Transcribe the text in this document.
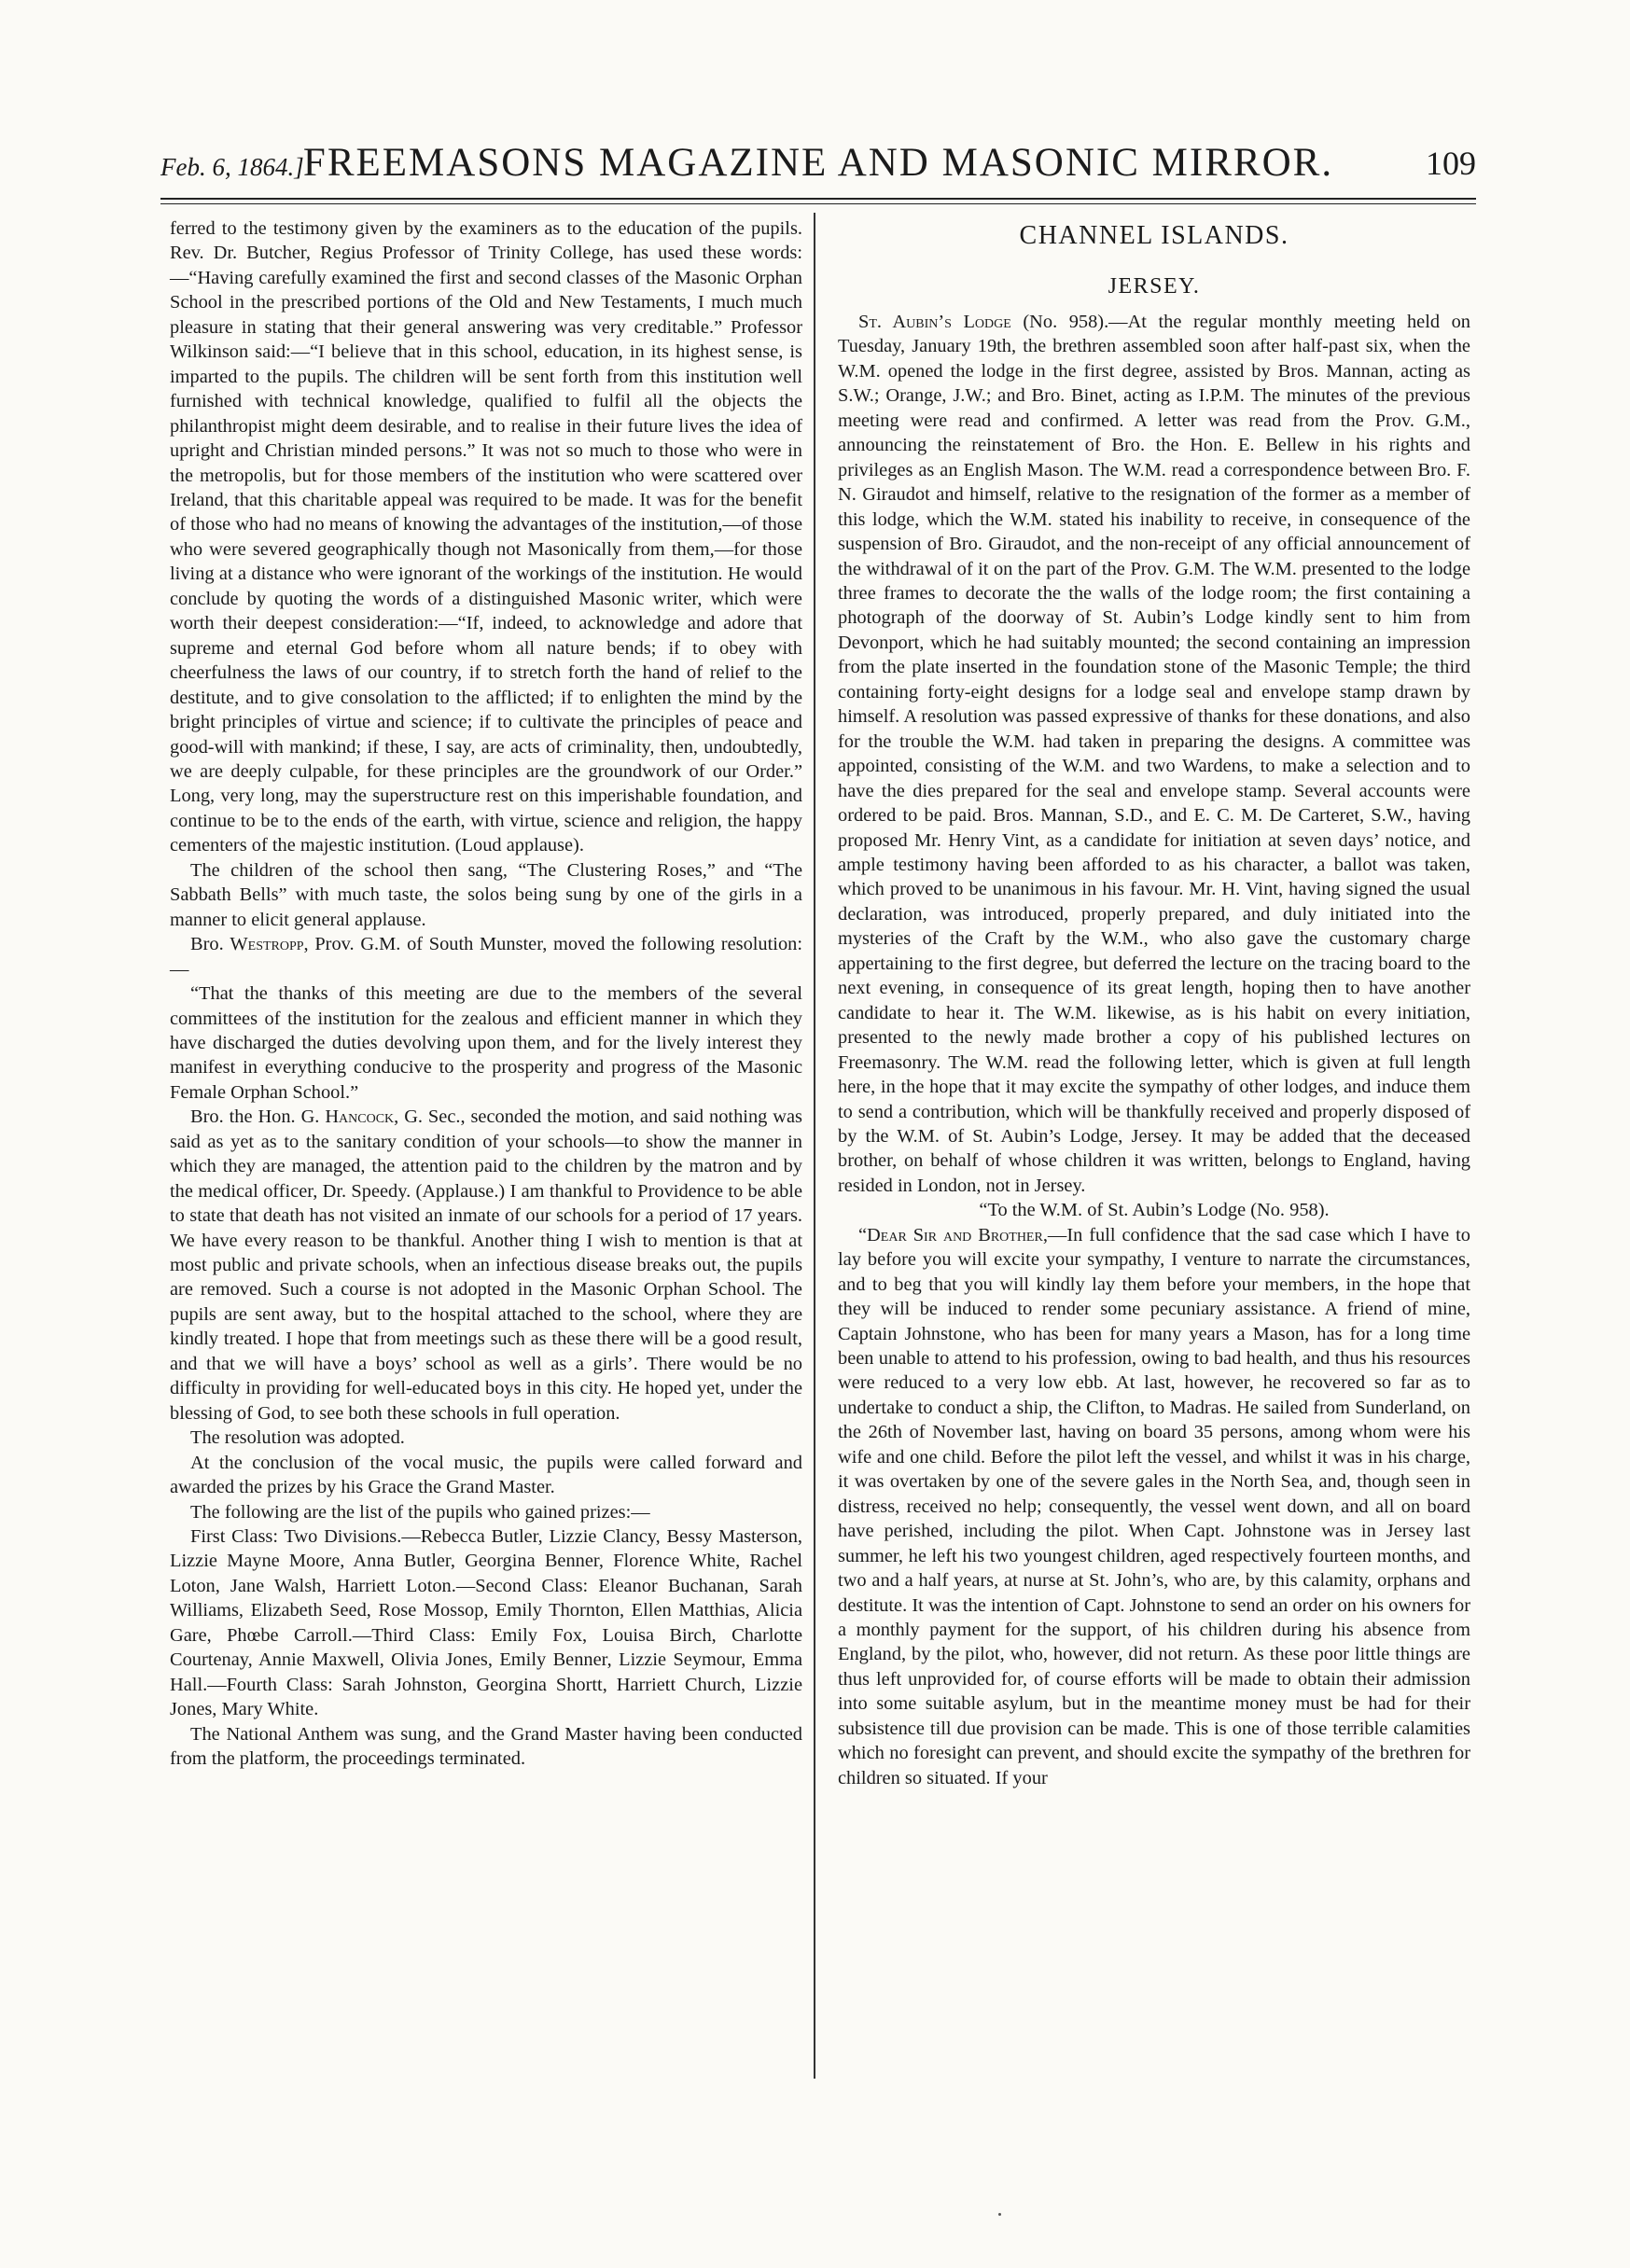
Feb. 6, 1864.] FREEMASONS MAGAZINE AND MASONIC MIRROR.	109

ferred to the testimony given by the examiners as to the education of the pupils. Rev. Dr. Butcher, Regius Professor of Trinity College, has used these words:—“Having carefully examined the first and second classes of the Masonic Orphan School in the prescribed portions of the Old and New Testaments, I much much pleasure in stating that their general answering was very creditable.” Professor Wilkinson said:—“I believe that in this school, education, in its highest sense, is imparted to the pupils. The children will be sent forth from this institution well furnished with technical knowledge, qualified to fulfil all the objects the philanthropist might deem desirable, and to realise in their future lives the idea of upright and Christian minded persons.” It was not so much to those who were in the metropolis, but for those members of the institution who were scattered over Ireland, that this charitable appeal was required to be made. It was for the benefit of those who had no means of knowing the advantages of the institution,—of those who were severed geographically though not Masonically from them,—for those living at a distance who were ignorant of the workings of the institution. He would conclude by quoting the words of a distinguished Masonic writer, which were worth their deepest consideration:—“If, indeed, to acknowledge and adore that supreme and eternal God before whom all nature bends; if to obey with cheerfulness the laws of our country, if to stretch forth the hand of relief to the destitute, and to give consolation to the afflicted; if to enlighten the mind by the bright principles of virtue and science; if to cultivate the principles of peace and good-will with mankind; if these, I say, are acts of criminality, then, undoubtedly, we are deeply culpable, for these principles are the groundwork of our Order.” Long, very long, may the superstructure rest on this imperishable foundation, and continue to be to the ends of the earth, with virtue, science and religion, the happy cementers of the majestic institution. (Loud applause).

The children of the school then sang, “The Clustering Roses,” and “The Sabbath Bells” with much taste, the solos being sung by one of the girls in a manner to elicit general applause.

Bro. Westropp, Prov. G.M. of South Munster, moved the following resolution:—

“That the thanks of this meeting are due to the members of the several committees of the institution for the zealous and efficient manner in which they have discharged the duties devolving upon them, and for the lively interest they manifest in everything conducive to the prosperity and progress of the Masonic Female Orphan School.”

Bro. the Hon. G. Hancock, G. Sec., seconded the motion, and said nothing was said as yet as to the sanitary condition of your schools—to show the manner in which they are managed, the attention paid to the children by the matron and by the medical officer, Dr. Speedy. (Applause.) I am thankful to Providence to be able to state that death has not visited an inmate of our schools for a period of 17 years. We have every reason to be thankful. Another thing I wish to mention is that at most public and private schools, when an infectious disease breaks out, the pupils are removed. Such a course is not adopted in the Masonic Orphan School. The pupils are sent away, but to the hospital attached to the school, where they are kindly treated. I hope that from meetings such as these there will be a good result, and that we will have a boys’ school as well as a girls’. There would be no difficulty in providing for well-educated boys in this city. He hoped yet, under the blessing of God, to see both these schools in full operation.

The resolution was adopted.

At the conclusion of the vocal music, the pupils were called forward and awarded the prizes by his Grace the Grand Master.

The following are the list of the pupils who gained prizes:—

First Class: Two Divisions.—Rebecca Butler, Lizzie Clancy, Bessy Masterson, Lizzie Mayne Moore, Anna Butler, Georgina Benner, Florence White, Rachel Loton, Jane Walsh, Harriett Loton.—Second Class: Eleanor Buchanan, Sarah Williams, Elizabeth Seed, Rose Mossop, Emily Thornton, Ellen Matthias, Alicia Gare, Phœbe Carroll.—Third Class: Emily Fox, Louisa Birch, Charlotte Courtenay, Annie Maxwell, Olivia Jones, Emily Benner, Lizzie Seymour, Emma Hall.—Fourth Class: Sarah Johnston, Georgina Shortt, Harriett Church, Lizzie Jones, Mary White.

The National Anthem was sung, and the Grand Master having been conducted from the platform, the proceedings terminated.

CHANNEL ISLANDS.
JERSEY.

St. Aubin’s Lodge (No. 958).—At the regular monthly meeting held on Tuesday, January 19th, the brethren assembled soon after half-past six, when the W.M. opened the lodge in the first degree, assisted by Bros. Mannan, acting as S.W.; Orange, J.W.; and Bro. Binet, acting as I.P.M. The minutes of the previous meeting were read and confirmed. A letter was read from the Prov. G.M., announcing the reinstatement of Bro. the Hon. E. Bellew in his rights and privileges as an English Mason. The W.M. read a correspondence between Bro. F. N. Giraudot and himself, relative to the resignation of the former as a member of this lodge, which the W.M. stated his inability to receive, in consequence of the suspension of Bro. Giraudot, and the non-receipt of any official announcement of the withdrawal of it on the part of the Prov. G.M. The W.M. presented to the lodge three frames to decorate the the walls of the lodge room; the first containing a photograph of the doorway of St. Aubin’s Lodge kindly sent to him from Devonport, which he had suitably mounted; the second containing an impression from the plate inserted in the foundation stone of the Masonic Temple; the third containing forty-eight designs for a lodge seal and envelope stamp drawn by himself. A resolution was passed expressive of thanks for these donations, and also for the trouble the W.M. had taken in preparing the designs. A committee was appointed, consisting of the W.M. and two Wardens, to make a selection and to have the dies prepared for the seal and envelope stamp. Several accounts were ordered to be paid. Bros. Mannan, S.D., and E. C. M. De Carteret, S.W., having proposed Mr. Henry Vint, as a candidate for initiation at seven days’ notice, and ample testimony having been afforded to as his character, a ballot was taken, which proved to be unanimous in his favour. Mr. H. Vint, having signed the usual declaration, was introduced, properly prepared, and duly initiated into the mysteries of the Craft by the W.M., who also gave the customary charge appertaining to the first degree, but deferred the lecture on the tracing board to the next evening, in consequence of its great length, hoping then to have another candidate to hear it. The W.M. likewise, as is his habit on every initiation, presented to the newly made brother a copy of his published lectures on Freemasonry. The W.M. read the following letter, which is given at full length here, in the hope that it may excite the sympathy of other lodges, and induce them to send a contribution, which will be thankfully received and properly disposed of by the W.M. of St. Aubin’s Lodge, Jersey. It may be added that the deceased brother, on behalf of whose children it was written, belongs to England, having resided in London, not in Jersey.

“To the W.M. of St. Aubin’s Lodge (No. 958).

“Dear Sir and Brother,—In full confidence that the sad case which I have to lay before you will excite your sympathy, I venture to narrate the circumstances, and to beg that you will kindly lay them before your members, in the hope that they will be induced to render some pecuniary assistance. A friend of mine, Captain Johnstone, who has been for many years a Mason, has for a long time been unable to attend to his profession, owing to bad health, and thus his resources were reduced to a very low ebb. At last, however, he recovered so far as to undertake to conduct a ship, the Clifton, to Madras. He sailed from Sunderland, on the 26th of November last, having on board 35 persons, among whom were his wife and one child. Before the pilot left the vessel, and whilst it was in his charge, it was overtaken by one of the severe gales in the North Sea, and, though seen in distress, received no help; consequently, the vessel went down, and all on board have perished, including the pilot. When Capt. Johnstone was in Jersey last summer, he left his two youngest children, aged respectively fourteen months, and two and a half years, at nurse at St. John’s, who are, by this calamity, orphans and destitute. It was the intention of Capt. Johnstone to send an order on his owners for a monthly payment for the support, of his children during his absence from England, by the pilot, who, however, did not return. As these poor little things are thus left unprovided for, of course efforts will be made to obtain their admission into some suitable asylum, but in the meantime money must be had for their subsistence till due provision can be made. This is one of those terrible calamities which no foresight can prevent, and should excite the sympathy of the brethren for children so situated. If your
